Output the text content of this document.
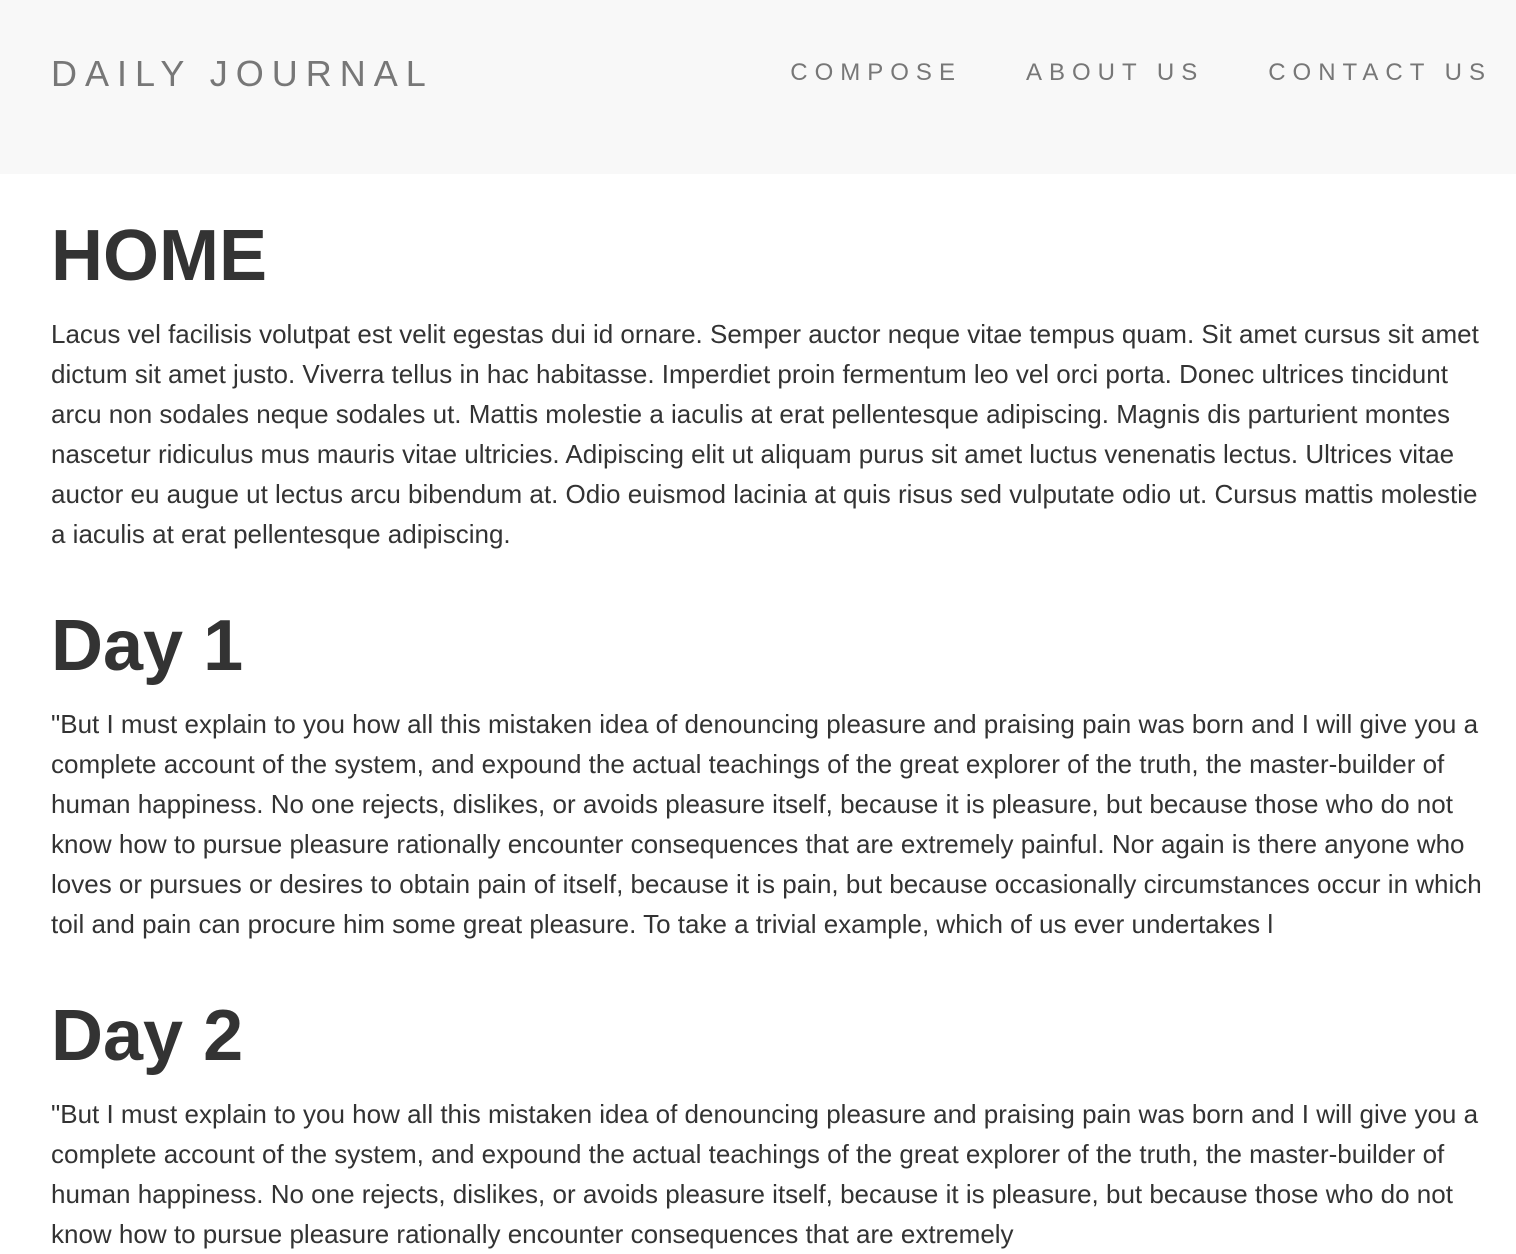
DAILY JOURNAL	COMPOSE	ABOUT US	CONTACT US
HOME

Lacus vel facilisis volutpat est velit egestas dui id ornare. Semper auctor neque vitae tempus quam. Sit amet cursus sit amet dictum sit amet justo. Viverra tellus in hac habitasse. Imperdiet proin fermentum leo vel orci porta. Donec ultrices tincidunt arcu non sodales neque sodales ut. Mattis molestie a iaculis at erat pellentesque adipiscing. Magnis dis parturient montes nascetur ridiculus mus mauris vitae ultricies. Adipiscing elit ut aliquam purus sit amet luctus venenatis lectus. Ultrices vitae auctor eu augue ut lectus arcu bibendum at. Odio euismod lacinia at quis risus sed vulputate odio ut. Cursus mattis molestie a iaculis at erat pellentesque adipiscing.

Day 1

"But I must explain to you how all this mistaken idea of denouncing pleasure and praising pain was born and I will give you a complete account of the system, and expound the actual teachings of the great explorer of the truth, the master-builder of human happiness. No one rejects, dislikes, or avoids pleasure itself, because it is pleasure, but because those who do not know how to pursue pleasure rationally encounter consequences that are extremely painful. Nor again is there anyone who loves or pursues or desires to obtain pain of itself, because it is pain, but because occasionally circumstances occur in which toil and pain can procure him some great pleasure. To take a trivial example, which of us ever undertakes l

Day 2

"But I must explain to you how all this mistaken idea of denouncing pleasure and praising pain was born and I will give you a complete account of the system, and expound the actual teachings of the great explorer of the truth, the master-builder of human happiness. No one rejects, dislikes, or avoids pleasure itself, because it is pleasure, but because those who do not know how to pursue pleasure rationally encounter consequences that are extremely
